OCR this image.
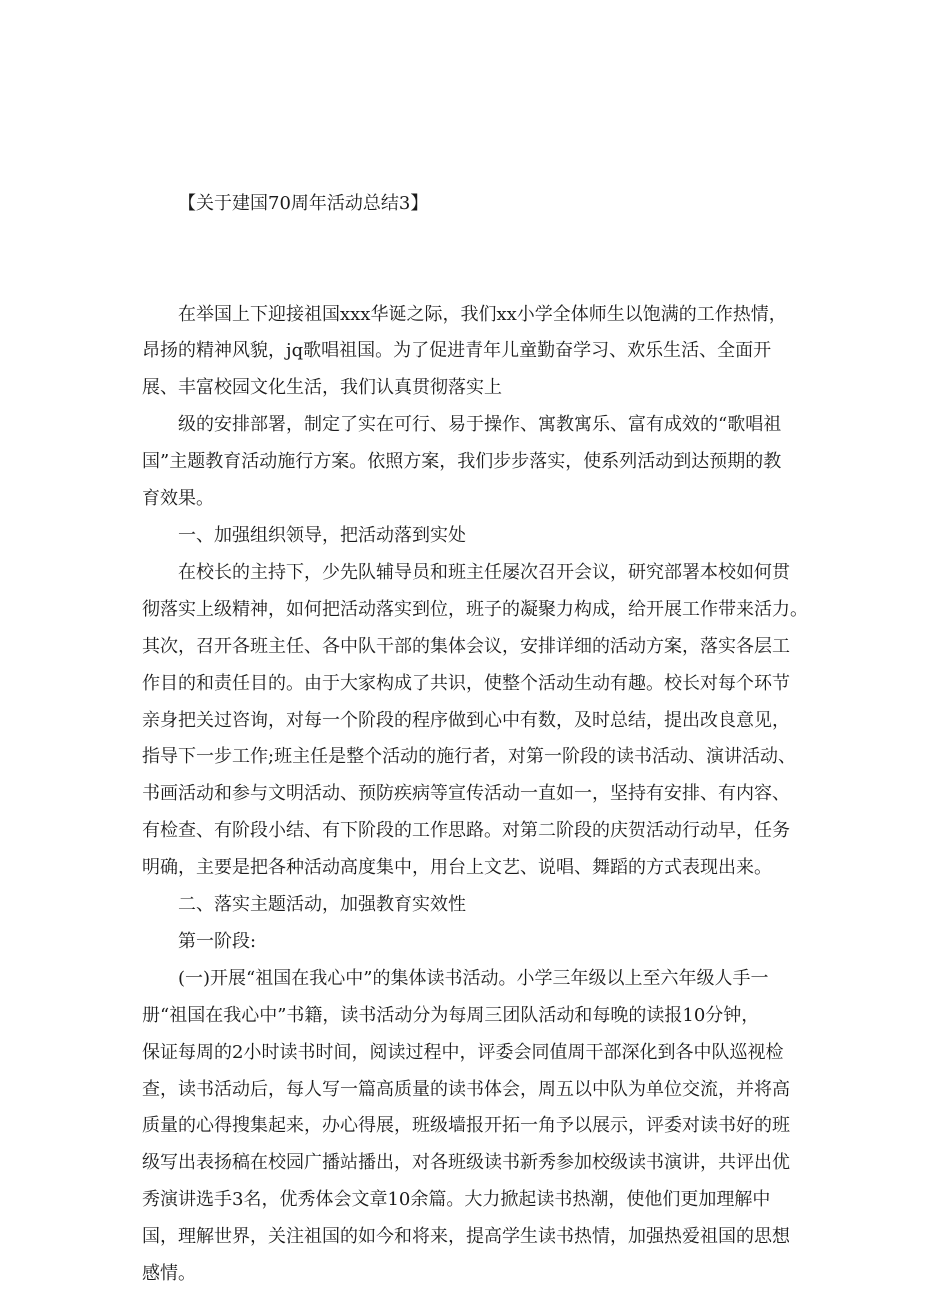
【关于建国70周年活动总结3】

在举国上下迎接祖国xxx华诞之际，我们xx小学全体师生以饱满的工作热情，
昂扬的精神风貌，jq歌唱祖国。为了促进青年儿童勤奋学习、欢乐生活、全面开
展、丰富校园文化生活，我们认真贯彻落实上
级的安排部署，制定了实在可行、易于操作、寓教寓乐、富有成效的“歌唱祖
国”主题教育活动施行方案。依照方案，我们步步落实，使系列活动到达预期的教
育效果。
一、加强组织领导，把活动落到实处
在校长的主持下，少先队辅导员和班主任屡次召开会议，研究部署本校如何贯
彻落实上级精神，如何把活动落实到位，班子的凝聚力构成，给开展工作带来活力。
其次，召开各班主任、各中队干部的集体会议，安排详细的活动方案，落实各层工
作目的和责任目的。由于大家构成了共识，使整个活动生动有趣。校长对每个环节
亲身把关过咨询，对每一个阶段的程序做到心中有数，及时总结，提出改良意见，
指导下一步工作;班主任是整个活动的施行者，对第一阶段的读书活动、演讲活动、
书画活动和参与文明活动、预防疾病等宣传活动一直如一，坚持有安排、有内容、
有检查、有阶段小结、有下阶段的工作思路。对第二阶段的庆贺活动行动早，任务
明确，主要是把各种活动高度集中，用台上文艺、说唱、舞蹈的方式表现出来。
二、落实主题活动，加强教育实效性
第一阶段:
(一)开展“祖国在我心中”的集体读书活动。小学三年级以上至六年级人手一
册“祖国在我心中”书籍，读书活动分为每周三团队活动和每晚的读报10分钟，
保证每周的2小时读书时间，阅读过程中，评委会同值周干部深化到各中队巡视检
查，读书活动后，每人写一篇高质量的读书体会，周五以中队为单位交流，并将高
质量的心得搜集起来，办心得展，班级墙报开拓一角予以展示，评委对读书好的班
级写出表扬稿在校园广播站播出，对各班级读书新秀参加校级读书演讲，共评出优
秀演讲选手3名，优秀体会文章10余篇。大力掀起读书热潮，使他们更加理解中
国，理解世界，关注祖国的如今和将来，提高学生读书热情，加强热爱祖国的思想
感情。
